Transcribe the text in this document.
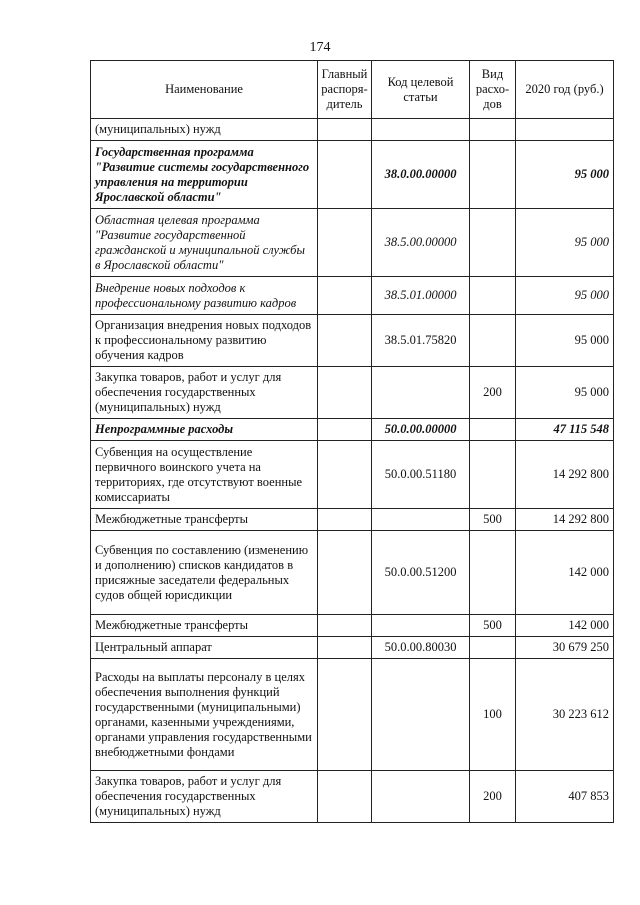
174
Наименование	Главный распоря-дитель	Код целевой статьи	Вид расхо-дов	2020 год (руб.)
(муниципальных) нужд				
Государственная программа "Развитие системы государственного управления на территории Ярославской области"		38.0.00.00000		95 000
Областная целевая программа "Развитие государственной гражданской и муниципальной службы в Ярославской области"		38.5.00.00000		95 000
Внедрение новых подходов к профессиональному развитию кадров		38.5.01.00000		95 000
Организация внедрения новых подходов к профессиональному развитию обучения кадров		38.5.01.75820		95 000
Закупка товаров, работ и услуг для обеспечения государственных (муниципальных) нужд			200	95 000
Непрограммные расходы		50.0.00.00000		47 115 548
Субвенция на осуществление первичного воинского учета на территориях, где отсутствуют военные комиссариаты		50.0.00.51180		14 292 800
Межбюджетные трансферты			500	14 292 800
Субвенция по составлению (изменению и дополнению) списков кандидатов в присяжные заседатели федеральных судов общей юрисдикции		50.0.00.51200		142 000
Межбюджетные трансферты			500	142 000
Центральный аппарат		50.0.00.80030		30 679 250
Расходы на выплаты персоналу в целях обеспечения выполнения функций государственными (муниципальными) органами, казенными учреждениями, органами управления государственными внебюджетными фондами			100	30 223 612
Закупка товаров, работ и услуг для обеспечения государственных (муниципальных) нужд			200	407 853
